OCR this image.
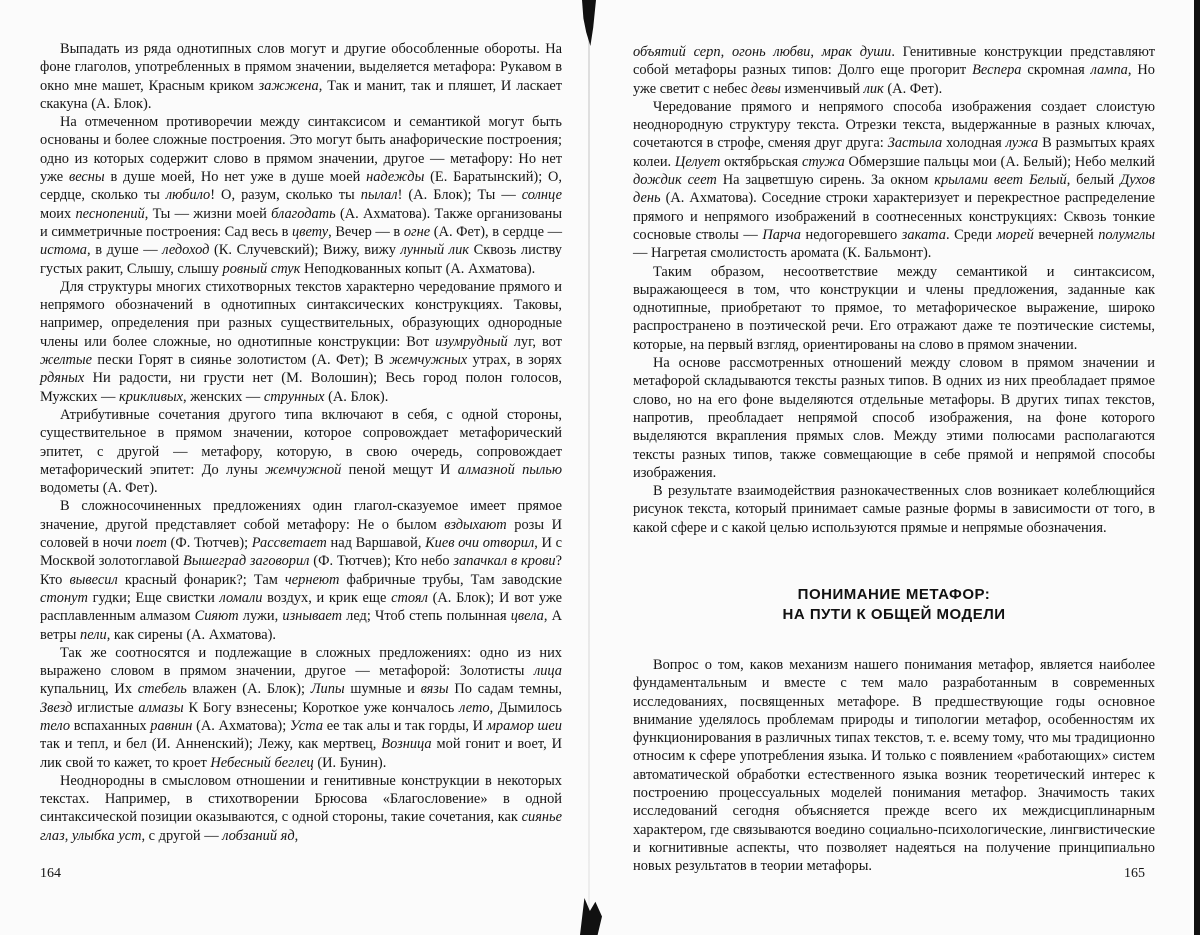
Выпадать из ряда однотипных слов могут и другие обособленные обороты. На фоне глаголов, употребленных в прямом значении, выделяется метафора: Рукавом в окно мне машет, Красным криком зажжена, Так и манит, так и пляшет, И ласкает скакуна (А. Блок).

На отмеченном противоречии между синтаксисом и семантикой могут быть основаны и более сложные построения. Это могут быть анафорические построения; одно из которых содержит слово в прямом значении, другое — метафору: Но нет уже весны в душе моей, Но нет уже в душе моей надежды (Е. Баратынский); О, сердце, сколько ты любило! О, разум, сколько ты пылал! (А. Блок); Ты — солнце моих песнопений, Ты — жизни моей благодать (А. Ахматова). Также организованы и симметричные построения: Сад весь в цвету, Вечер — в огне (А. Фет), в сердце — истома, в душе — ледоход (К. Случевский); Вижу, вижу лунный лик Сквозь листву густых ракит, Слышу, слышу ровный стук Неподкованных копыт (А. Ахматова).

Для структуры многих стихотворных текстов характерно чередование прямого и непрямого обозначений в однотипных синтаксических конструкциях. Таковы, например, определения при разных существительных, образующих однородные члены или более сложные, но однотипные конструкции: Вот изумрудный луг, вот желтые пески Горят в сиянье золотистом (А. Фет); В жемчужных утрах, в зорях рдяных Ни радости, ни грусти нет (М. Волошин); Весь город полон голосов, Мужских — крикливых, женских — струнных (А. Блок).

Атрибутивные сочетания другого типа включают в себя, с одной стороны, существительное в прямом значении, которое сопровождает метафорический эпитет, с другой — метафору, которую, в свою очередь, сопровождает метафорический эпитет: До луны жемчужной пеной мещут И алмазной пылью водометы (А. Фет).

В сложносочиненных предложениях один глагол-сказуемое имеет прямое значение, другой представляет собой метафору: Не о былом вздыхают розы И соловей в ночи поет (Ф. Тютчев); Рассветает над Варшавой, Киев очи отворил, И с Москвой золотоглавой Вышеград заговорил (Ф. Тютчев); Кто небо запачкал в крови? Кто вывесил красный фонарик?; Там чернеют фабричные трубы, Там заводские стонут гудки; Еще свистки ломали воздух, и крик еще стоял (А. Блок); И вот уже расплавленным алмазом Сияют лужи, изнывает лед; Чтоб степь полынная цвела, А ветры пели, как сирены (А. Ахматова).

Так же соотносятся и подлежащие в сложных предложениях: одно из них выражено словом в прямом значении, другое — метафорой: Золотисты лица купальниц, Их стебель влажен (А. Блок); Липы шумные и вязы По садам темны, Звезд иглистые алмазы К Богу взнесены; Короткое уже кончалось лето, Дымилось тело вспаханных равнин (А. Ахматова); Уста ее так алы и так горды, И мрамор шеи так и тепл, и бел (И. Анненский); Лежу, как мертвец, Возница мой гонит и воет, И лик свой то кажет, то кроет Небесный беглец (И. Бунин).

Неоднородны в смысловом отношении и генитивные конструкции в некоторых текстах. Например, в стихотворении Брюсова «Благословение» в одной синтаксической позиции оказываются, с одной стороны, такие сочетания, как сиянье глаз, улыбка уст, с другой — лобзаний яд,

164

объятий серп, огонь любви, мрак души. Генитивные конструкции представляют собой метафоры разных типов: Долго еще прогорит Веспера скромная лампа, Но уже светит с небес девы изменчивый лик (А. Фет).

Чередование прямого и непрямого способа изображения создает слоистую неоднородную структуру текста. Отрезки текста, выдержанные в разных ключах, сочетаются в строфе, сменяя друг друга: Застыла холодная лужа В размытых краях колеи. Целует октябрьская стужа Обмерзшие пальцы мои (А. Белый); Небо мелкий дождик сеет На зацветшую сирень. За окном крылами веет Белый, белый Духов день (А. Ахматова). Соседние строки характеризует и перекрестное распределение прямого и непрямого изображений в соотнесенных конструкциях: Сквозь тонкие сосновые стволы — Парча недогоревшего заката. Среди морей вечерней полумглы — Нагретая смолистость аромата (К. Бальмонт).

Таким образом, несоответствие между семантикой и синтаксисом, выражающееся в том, что конструкции и члены предложения, заданные как однотипные, приобретают то прямое, то метафорическое выражение, широко распространено в поэтической речи. Его отражают даже те поэтические системы, которые, на первый взгляд, ориентированы на слово в прямом значении.

На основе рассмотренных отношений между словом в прямом значении и метафорой складываются тексты разных типов. В одних из них преобладает прямое слово, но на его фоне выделяются отдельные метафоры. В других типах текстов, напротив, преобладает непрямой способ изображения, на фоне которого выделяются вкрапления прямых слов. Между этими полюсами располагаются тексты разных типов, также совмещающие в себе прямой и непрямой способы изображения.

В результате взаимодействия разнокачественных слов возникает колеблющийся рисунок текста, который принимает самые разные формы в зависимости от того, в какой сфере и с какой целью используются прямые и непрямые обозначения.

ПОНИМАНИЕ МЕТАФОР:
НА ПУТИ К ОБЩЕЙ МОДЕЛИ

Вопрос о том, каков механизм нашего понимания метафор, является наиболее фундаментальным и вместе с тем мало разработанным в современных исследованиях, посвященных метафоре. В предшествующие годы основное внимание уделялось проблемам природы и типологии метафор, особенностям их функционирования в различных типах текстов, т. е. всему тому, что мы традиционно относим к сфере употребления языка. И только с появлением «работающих» систем автоматической обработки естественного языка возник теоретический интерес к построению процессуальных моделей понимания метафор. Значимость таких исследований сегодня объясняется прежде всего их междисциплинарным характером, где связываются воедино социально-психологические, лингвистические и когнитивные аспекты, что позволяет надеяться на получение принципиально новых результатов в теории метафоры.	165
